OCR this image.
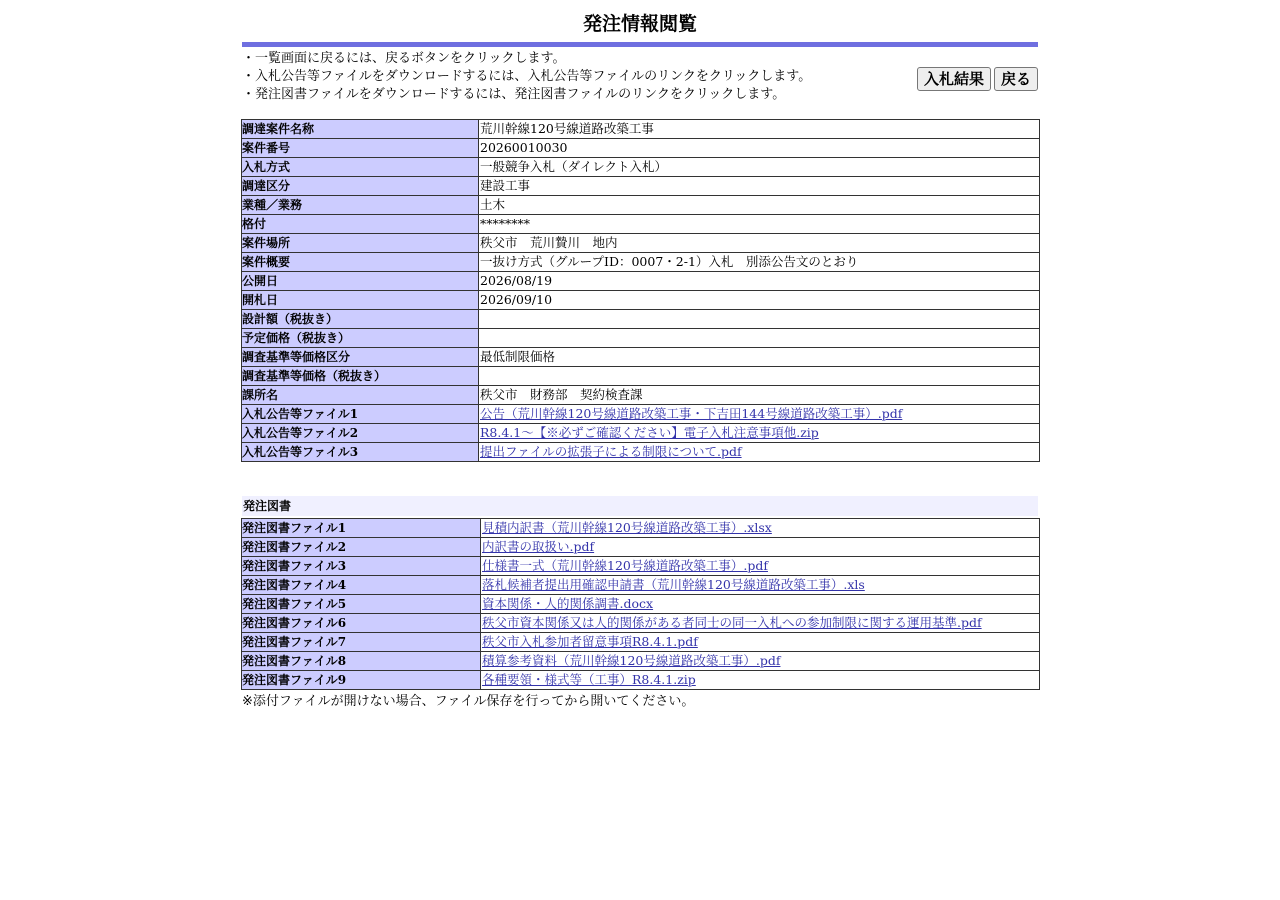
発注情報閲覧
・一覧画面に戻るには、戻るボタンをクリックします。
・入札公告等ファイルをダウンロードするには、入札公告等ファイルのリンクをクリックします。
・発注図書ファイルをダウンロードするには、発注図書ファイルのリンクをクリックします。
入札結果	戻る
調達案件名称	荒川幹線120号線道路改築工事
案件番号	20260010030
入札方式	一般競争入札（ダイレクト入札）
調達区分	建設工事
業種／業務	土木
格付	********
案件場所	秩父市　荒川贄川　地内
案件概要	一抜け方式（グループID：0007・2-1）入札　別添公告文のとおり
公開日	2026/08/19
開札日	2026/09/10
設計額（税抜き）	
予定価格（税抜き）	
調査基準等価格区分	最低制限価格
調査基準等価格（税抜き）	
課所名	秩父市　財務部　契約検査課
入札公告等ファイル1	公告（荒川幹線120号線道路改築工事・下吉田144号線道路改築工事）.pdf
入札公告等ファイル2	R8.4.1～【※必ずご確認ください】電子入札注意事項他.zip
入札公告等ファイル3	提出ファイルの拡張子による制限について.pdf
発注図書
発注図書ファイル1	見積内訳書（荒川幹線120号線道路改築工事）.xlsx
発注図書ファイル2	内訳書の取扱い.pdf
発注図書ファイル3	仕様書一式（荒川幹線120号線道路改築工事）.pdf
発注図書ファイル4	落札候補者提出用確認申請書（荒川幹線120号線道路改築工事）.xls
発注図書ファイル5	資本関係・人的関係調書.docx
発注図書ファイル6	秩父市資本関係又は人的関係がある者同士の同一入札への参加制限に関する運用基準.pdf
発注図書ファイル7	秩父市入札参加者留意事項R8.4.1.pdf
発注図書ファイル8	積算参考資料（荒川幹線120号線道路改築工事）.pdf
発注図書ファイル9	各種要領・様式等（工事）R8.4.1.zip
※添付ファイルが開けない場合、ファイル保存を行ってから開いてください。
